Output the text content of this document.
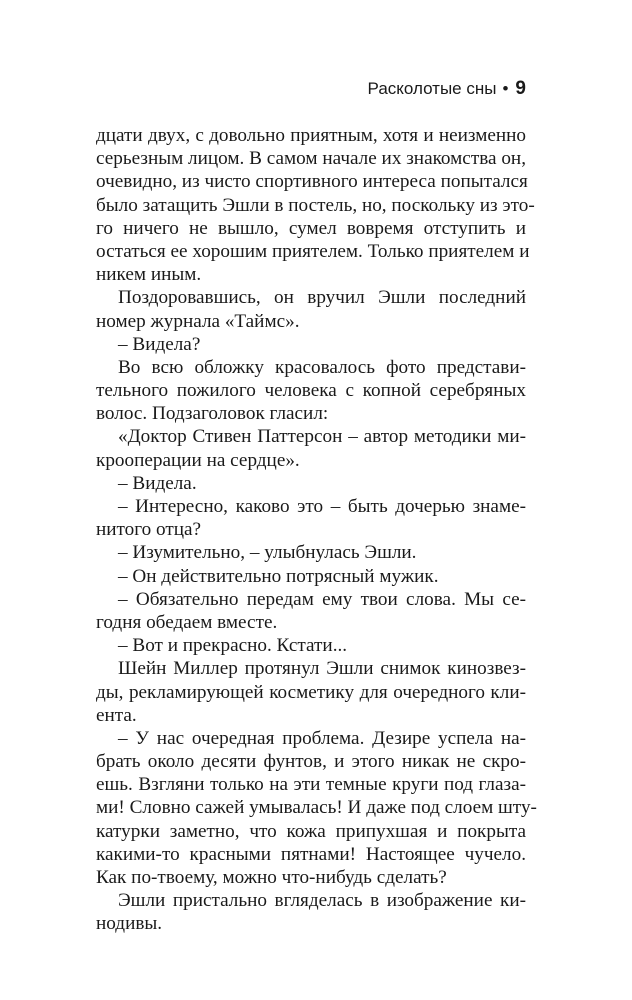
Расколотые сны • 9
дцати двух, с довольно приятным, хотя и неизменно
серьезным лицом. В самом начале их знакомства он,
очевидно, из чисто спортивного интереса попытался
было затащить Эшли в постель, но, поскольку из это-
го ничего не вышло, сумел вовремя отступить и
остаться ее хорошим приятелем. Только приятелем и
никем иным.
Поздоровавшись, он вручил Эшли последний
номер журнала «Таймс».
– Видела?
Во всю обложку красовалось фото представи-
тельного пожилого человека с копной серебряных
волос. Подзаголовок гласил:
«Доктор Стивен Паттерсон – автор методики ми-
крооперации на сердце».
– Видела.
– Интересно, каково это – быть дочерью знаме-
нитого отца?
– Изумительно, – улыбнулась Эшли.
– Он действительно потрясный мужик.
– Обязательно передам ему твои слова. Мы се-
годня обедаем вместе.
– Вот и прекрасно. Кстати...
Шейн Миллер протянул Эшли снимок кинозвез-
ды, рекламирующей косметику для очередного кли-
ента.
– У нас очередная проблема. Дезире успела на-
брать около десяти фунтов, и этого никак не скро-
ешь. Взгляни только на эти темные круги под глаза-
ми! Словно сажей умывалась! И даже под слоем шту-
катурки заметно, что кожа припухшая и покрыта
какими-то красными пятнами! Настоящее чучело.
Как по-твоему, можно что-нибудь сделать?
Эшли пристально вгляделась в изображение ки-
нодивы.
